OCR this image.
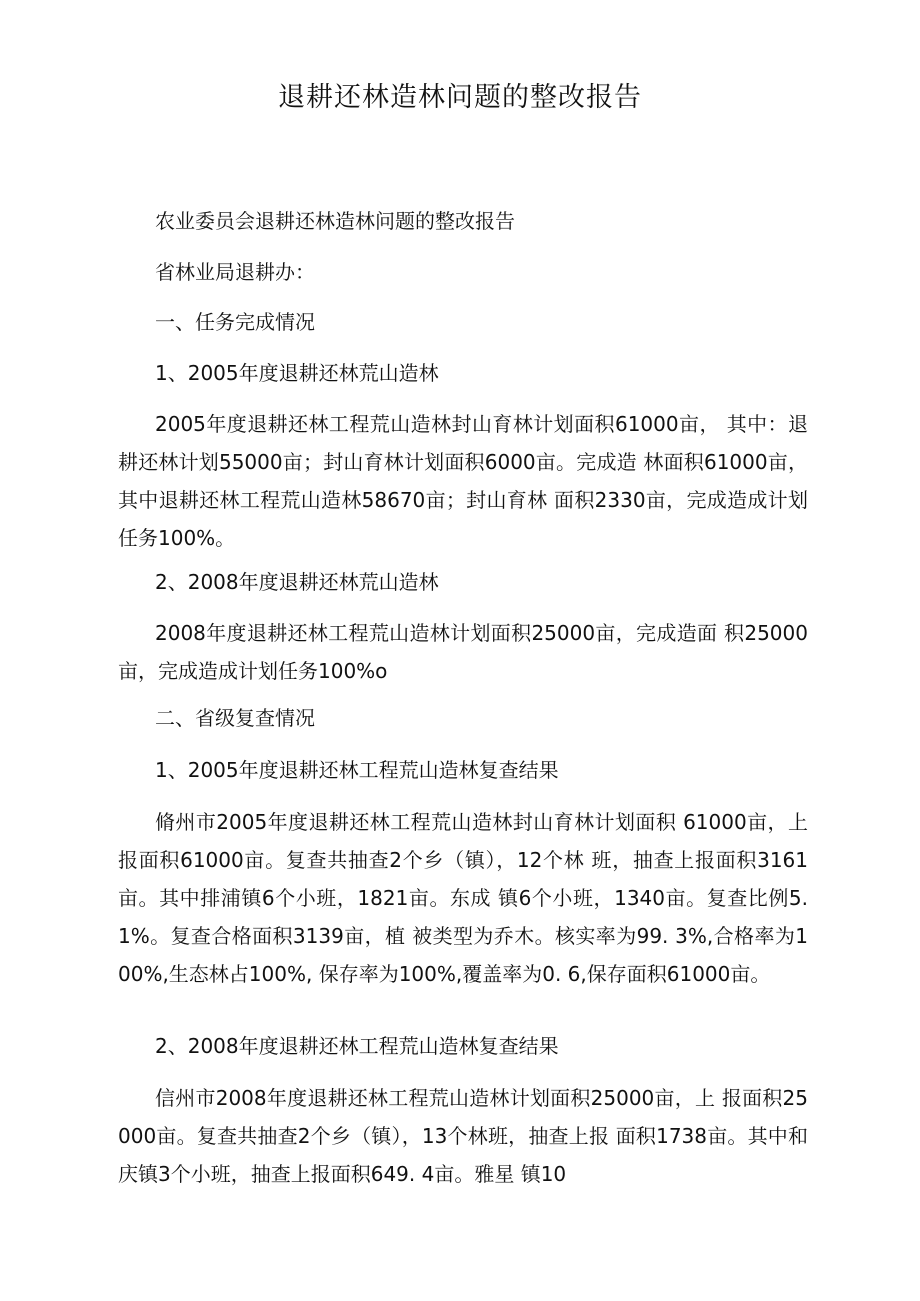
退耕还林造林问题的整改报告

农业委员会退耕还林造林问题的整改报告

省林业局退耕办：

一、任务完成情况

1、2005年度退耕还林荒山造林

2005年度退耕还林工程荒山造林封山育林计划面积61000亩， 其中：退耕还林计划55000亩；封山育林计划面积6000亩。完成造 林面积61000亩，其中退耕还林工程荒山造林58670亩；封山育林 面积2330亩，完成造成计划任务100%。

2、2008年度退耕还林荒山造林

2008年度退耕还林工程荒山造林计划面积25000亩，完成造面 积25000亩，完成造成计划任务100%o

二、省级复查情况

1、2005年度退耕还林工程荒山造林复查结果

脩州市2005年度退耕还林工程荒山造林封山育林计划面积 61000亩，上报面积61000亩。复查共抽查2个乡（镇），12个林 班，抽查上报面积3161亩。其中排浦镇6个小班，1821亩。东成 镇6个小班，1340亩。复查比例5.1%。复查合格面积3139亩，植 被类型为乔木。核实率为99. 3%,合格率为100%,生态林占100%, 保存率为100%,覆盖率为0. 6,保存面积61000亩。

2、2008年度退耕还林工程荒山造林复查结果

信州市2008年度退耕还林工程荒山造林计划面积25000亩，上 报面积25000亩。复查共抽查2个乡（镇），13个林班，抽查上报 面积1738亩。其中和庆镇3个小班，抽查上报面积649. 4亩。雅星 镇10
